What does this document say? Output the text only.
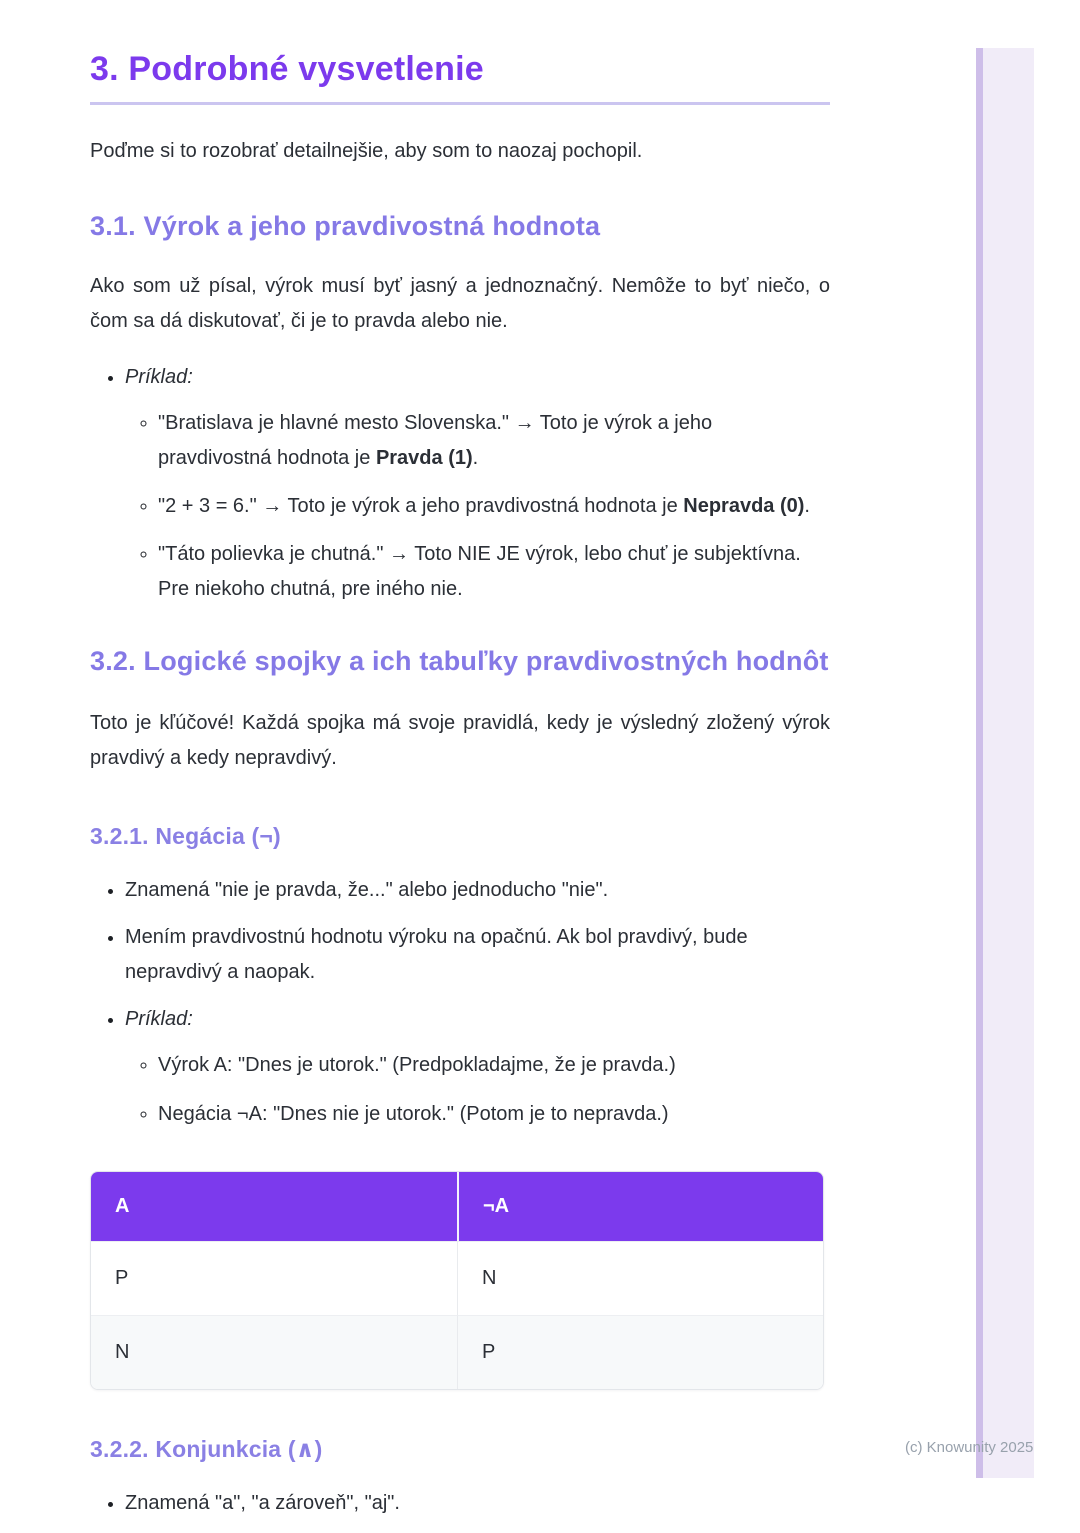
3. Podrobné vysvetlenie

Poďme si to rozobrať detailnejšie, aby som to naozaj pochopil.

3.1. Výrok a jeho pravdivostná hodnota

Ako som už písal, výrok musí byť jasný a jednoznačný. Nemôže to byť niečo, o čom sa dá diskutovať, či je to pravda alebo nie.

• Príklad:
◦ "Bratislava je hlavné mesto Slovenska." → Toto je výrok a jeho pravdivostná hodnota je Pravda (1).
◦ "2 + 3 = 6." → Toto je výrok a jeho pravdivostná hodnota je Nepravda (0).
◦ "Táto polievka je chutná." → Toto NIE JE výrok, lebo chuť je subjektívna. Pre niekoho chutná, pre iného nie.
3.2. Logické spojky a ich tabuľky pravdivostných hodnôt

Toto je kľúčové! Každá spojka má svoje pravidlá, kedy je výsledný zložený výrok pravdivý a kedy nepravdivý.

3.2.1. Negácia (¬)
• Znamená "nie je pravda, že..." alebo jednoducho "nie".
• Mením pravdivostnú hodnotu výroku na opačnú. Ak bol pravdivý, bude nepravdivý a naopak.
• Príklad:
◦ Výrok A: "Dnes je utorok." (Predpokladajme, že je pravda.)
◦ Negácia ¬A: "Dnes nie je utorok." (Potom je to nepravda.)
A	¬A
P	N
N	P
3.2.2. Konjunkcia (∧)
• Znamená "a", "a zároveň", "aj".
(c) Knowunity 2025
